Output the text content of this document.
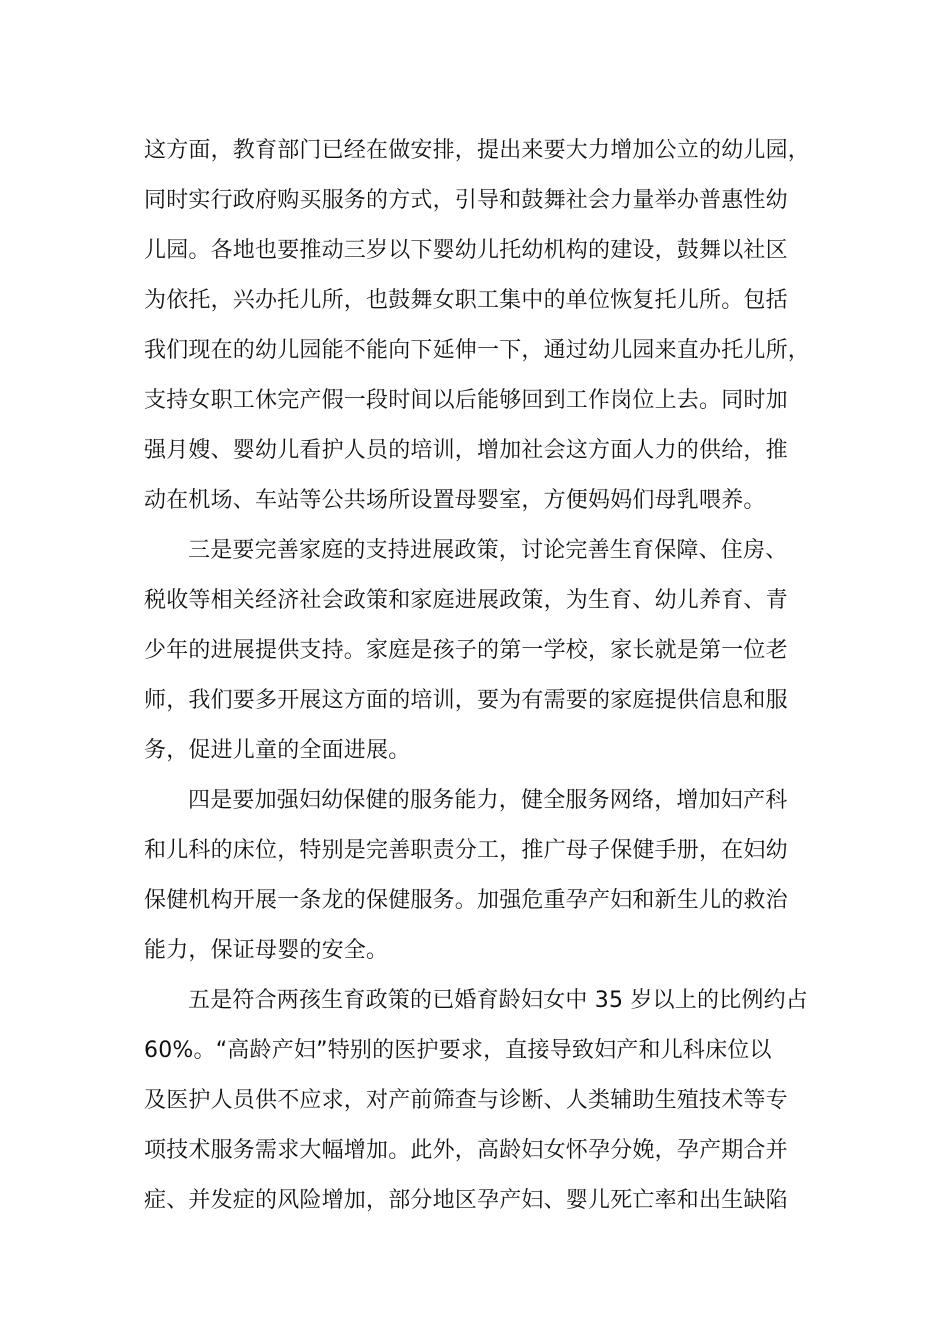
这方面，教育部门已经在做安排，提出来要大力增加公立的幼儿园，
同时实行政府购买服务的方式，引导和鼓舞社会力量举办普惠性幼
儿园。各地也要推动三岁以下婴幼儿托幼机构的建设，鼓舞以社区
为依托，兴办托儿所，也鼓舞女职工集中的单位恢复托儿所。包括
我们现在的幼儿园能不能向下延伸一下，通过幼儿园来直办托儿所，
支持女职工休完产假一段时间以后能够回到工作岗位上去。同时加
强月嫂、婴幼儿看护人员的培训，增加社会这方面人力的供给，推
动在机场、车站等公共场所设置母婴室，方便妈妈们母乳喂养。
三是要完善家庭的支持进展政策，讨论完善生育保障、住房、
税收等相关经济社会政策和家庭进展政策，为生育、幼儿养育、青
少年的进展提供支持。家庭是孩子的第一学校，家长就是第一位老
师，我们要多开展这方面的培训，要为有需要的家庭提供信息和服
务，促进儿童的全面进展。
四是要加强妇幼保健的服务能力，健全服务网络，增加妇产科
和儿科的床位，特别是完善职责分工，推广母子保健手册，在妇幼
保健机构开展一条龙的保健服务。加强危重孕产妇和新生儿的救治
能力，保证母婴的安全。
五是符合两孩生育政策的已婚育龄妇女中 35 岁以上的比例约占
60%。“高龄产妇”特别的医护要求，直接导致妇产和儿科床位以
及医护人员供不应求，对产前筛查与诊断、人类辅助生殖技术等专
项技术服务需求大幅增加。此外，高龄妇女怀孕分娩，孕产期合并
症、并发症的风险增加，部分地区孕产妇、婴儿死亡率和出生缺陷
